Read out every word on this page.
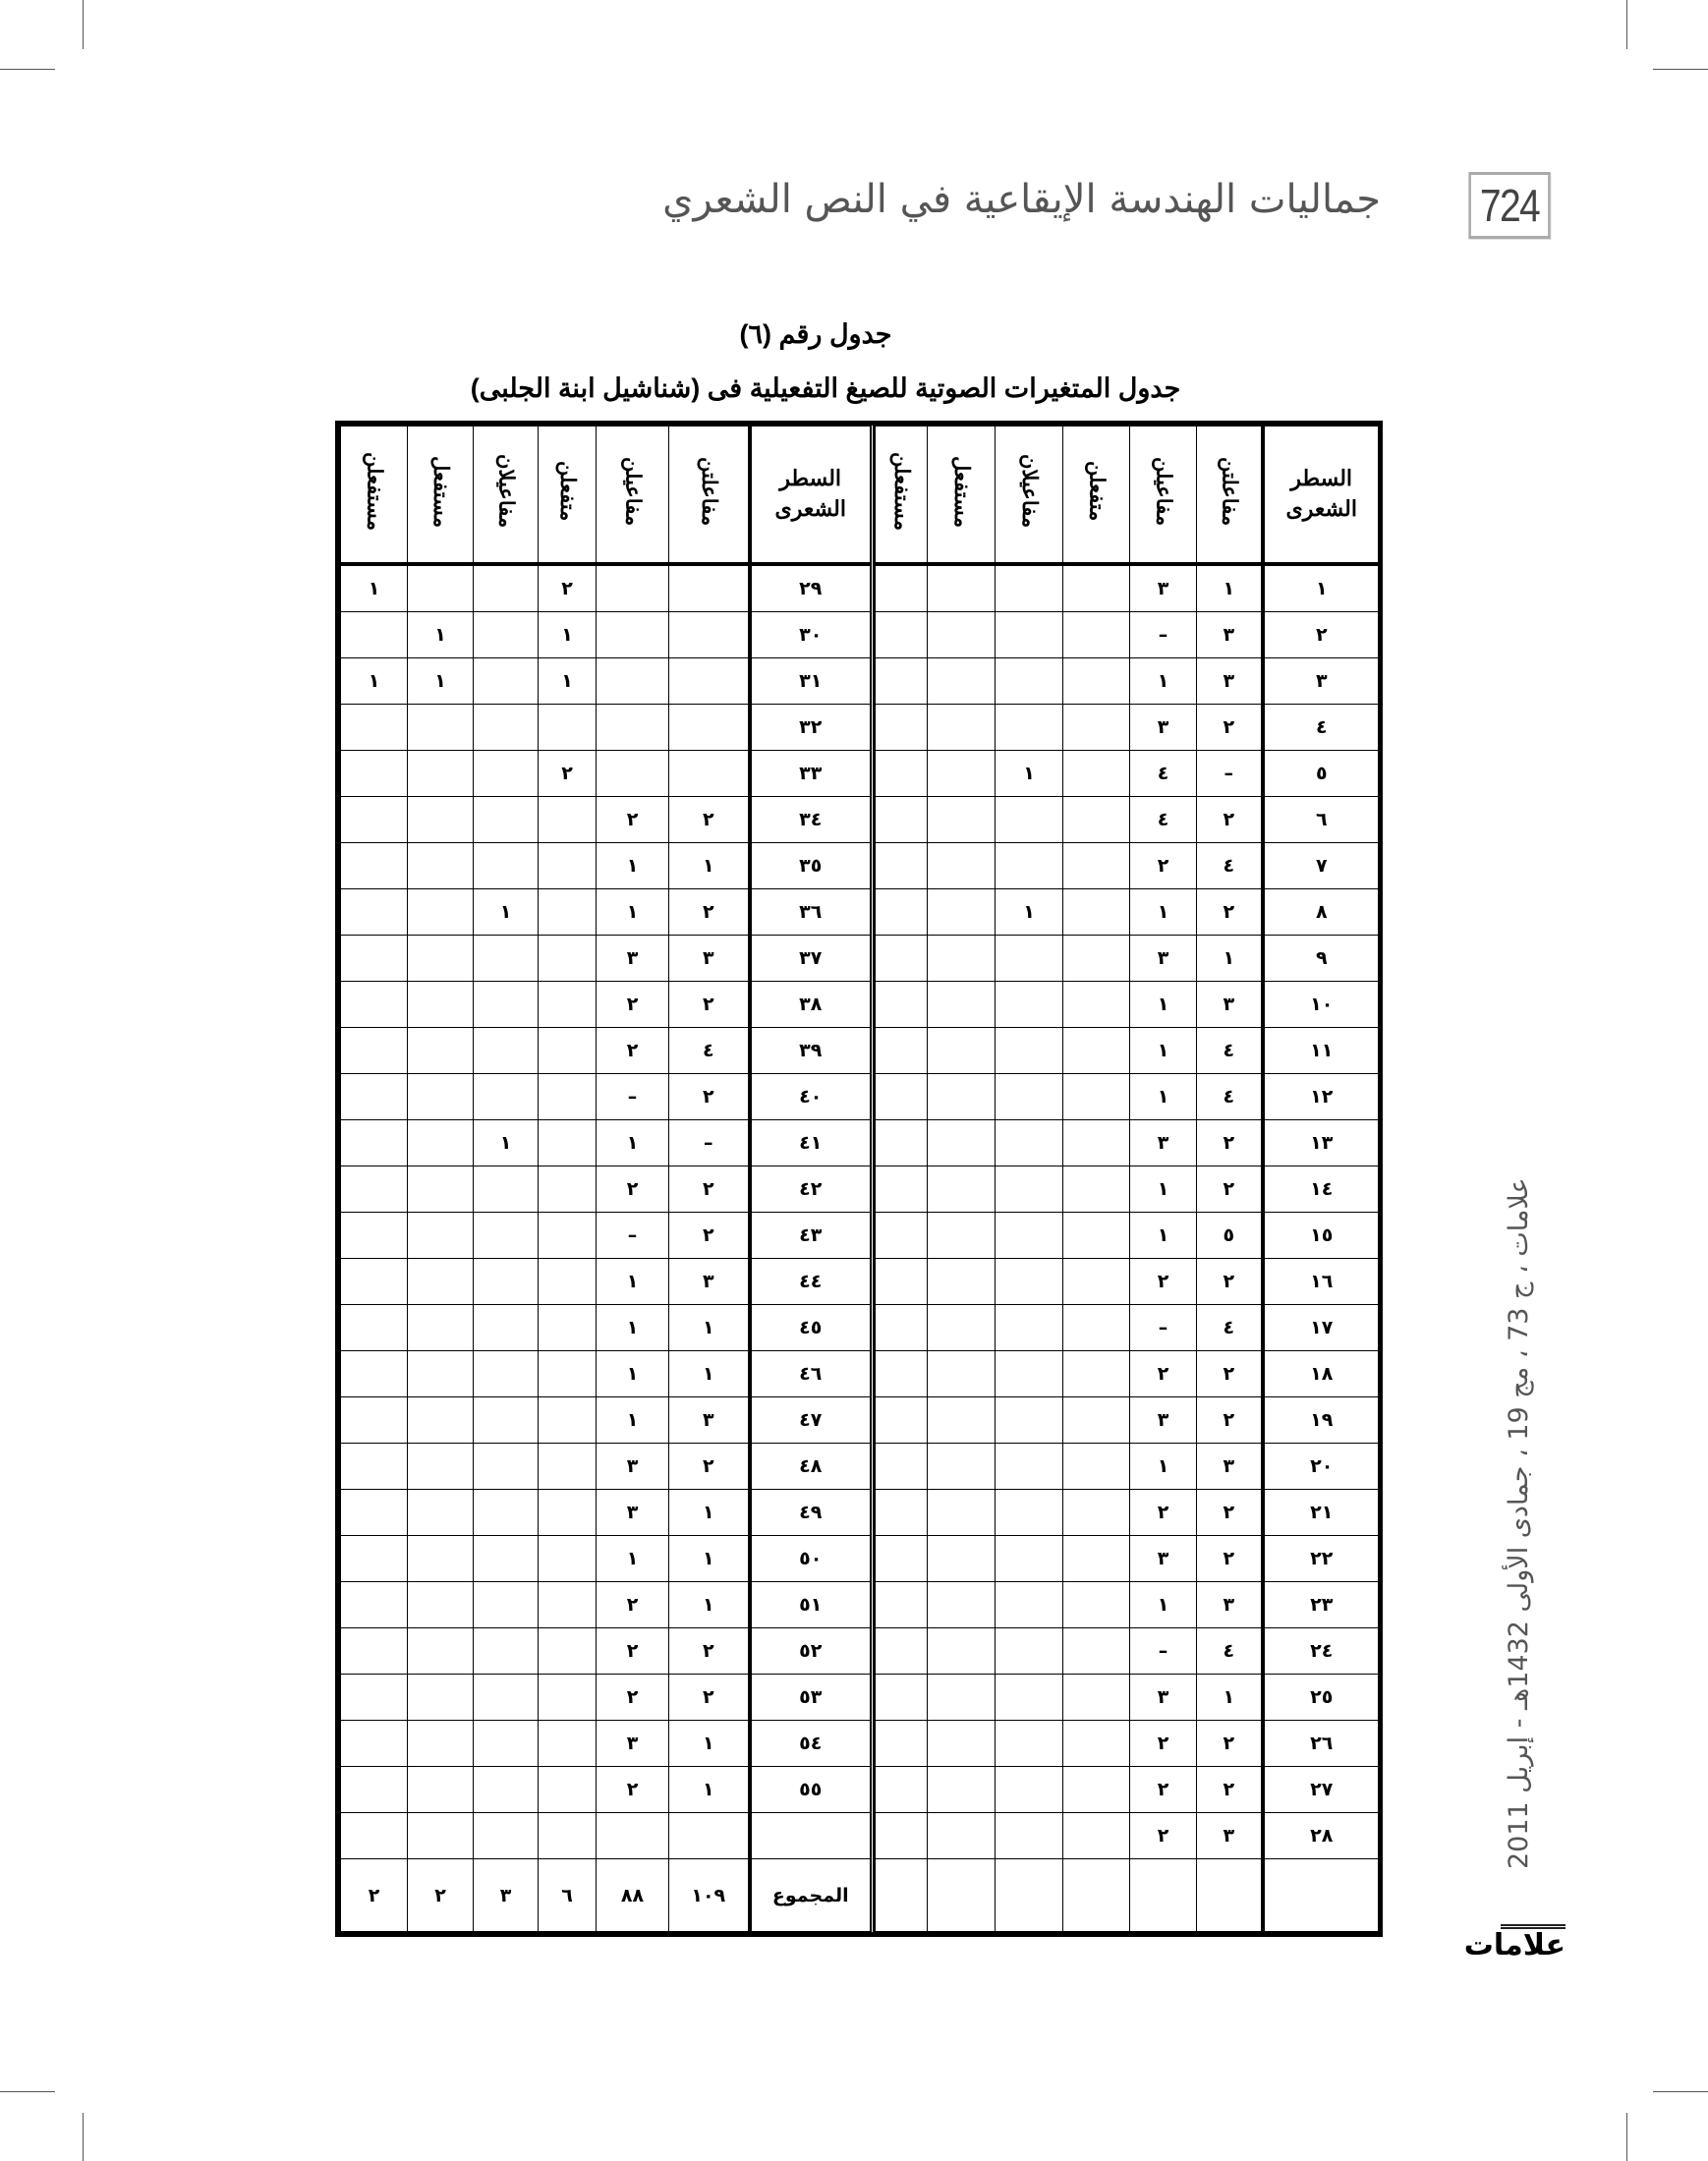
724
جماليات الهندسة الإيقاعية في النص الشعري
جدول رقم (٦)
جدول المتغيرات الصوتية للصيغ التفعيلية فى (شناشيل ابنة الجلبى)
مستفعلن	مستفعل	مفاعيلان	متفعلن	مفاعيلن	مفاعلتن	السطر الشعرى
١			٢			٢٩
	١		١			٣٠
١	١		١			٣١
						٣٢
			٢			٣٣
				٢	٢	٣٤
				١	١	٣٥
		١		١	٢	٣٦
				٣	٣	٣٧
				٢	٢	٣٨
				٢	٤	٣٩
				–	٢	٤٠
		١		١	–	٤١
				٢	٢	٤٢
				–	٢	٤٣
				١	٣	٤٤
				١	١	٤٥
				١	١	٤٦
				١	٣	٤٧
				٣	٢	٤٨
				٣	١	٤٩
				١	١	٥٠
				٢	١	٥١
				٢	٢	٥٢
				٢	٢	٥٣
				٣	١	٥٤
				٢	١	٥٥

٢	٢	٣	٦	٨٨	١٠٩	المجموع
مستفعلن	مستفعل	مفاعيلان	متفعلن	مفاعيلن	مفاعلتن	السطر الشعرى
				٣	١	١
				–	٣	٢
				١	٣	٣
				٣	٢	٤
		١		٤	–	٥
				٤	٢	٦
				٢	٤	٧
		١		١	٢	٨
				٣	١	٩
				١	٣	١٠
				١	٤	١١
				١	٤	١٢
				٣	٢	١٣
				١	٢	١٤
				١	٥	١٥
				٢	٢	١٦
				–	٤	١٧
				٢	٢	١٨
				٣	٢	١٩
				١	٣	٢٠
				٢	٢	٢١
				٣	٢	٢٢
				١	٣	٢٣
				–	٤	٢٤
				٣	١	٢٥
				٢	٢	٢٦
				٢	٢	٢٧
				٢	٣	٢٨
							علامات ، ج 73 ، مج 19 ، جمادى الأولى 1432هـ - إبريل 2011
علامات
